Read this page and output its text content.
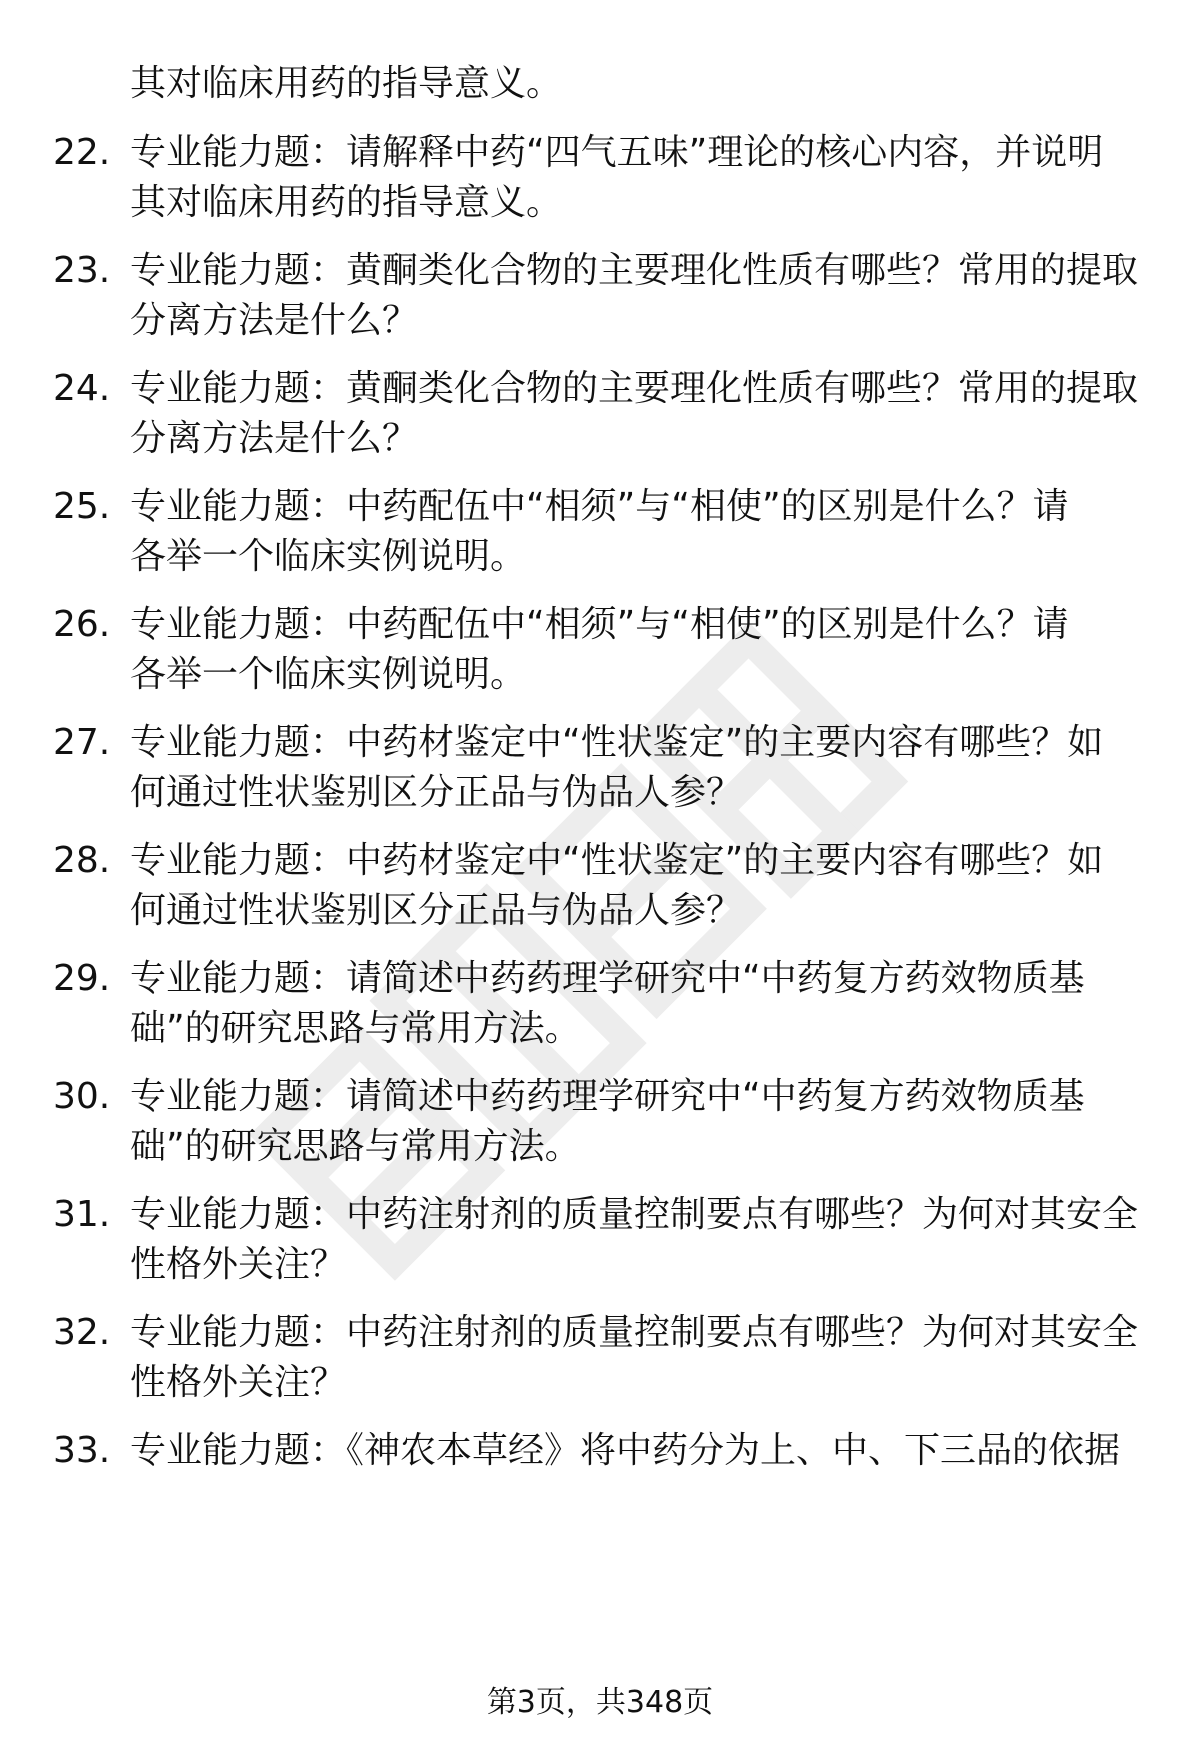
其对临床用药的指导意义。
22. 专业能力题：请解释中药“四气五味”理论的核心内容，并说明
其对临床用药的指导意义。
23. 专业能力题：黄酮类化合物的主要理化性质有哪些？常用的提取
分离方法是什么？
24. 专业能力题：黄酮类化合物的主要理化性质有哪些？常用的提取
分离方法是什么？
25. 专业能力题：中药配伍中“相须”与“相使”的区别是什么？请
各举一个临床实例说明。
26. 专业能力题：中药配伍中“相须”与“相使”的区别是什么？请
各举一个临床实例说明。
27. 专业能力题：中药材鉴定中“性状鉴定”的主要内容有哪些？如
何通过性状鉴别区分正品与伪品人参？
28. 专业能力题：中药材鉴定中“性状鉴定”的主要内容有哪些？如
何通过性状鉴别区分正品与伪品人参？
29. 专业能力题：请简述中药药理学研究中“中药复方药效物质基
础”的研究思路与常用方法。
30. 专业能力题：请简述中药药理学研究中“中药复方药效物质基
础”的研究思路与常用方法。
31. 专业能力题：中药注射剂的质量控制要点有哪些？为何对其安全
性格外关注？
32. 专业能力题：中药注射剂的质量控制要点有哪些？为何对其安全
性格外关注？
33. 专业能力题：《神农本草经》将中药分为上、中、下三品的依据
第3页，共348页
